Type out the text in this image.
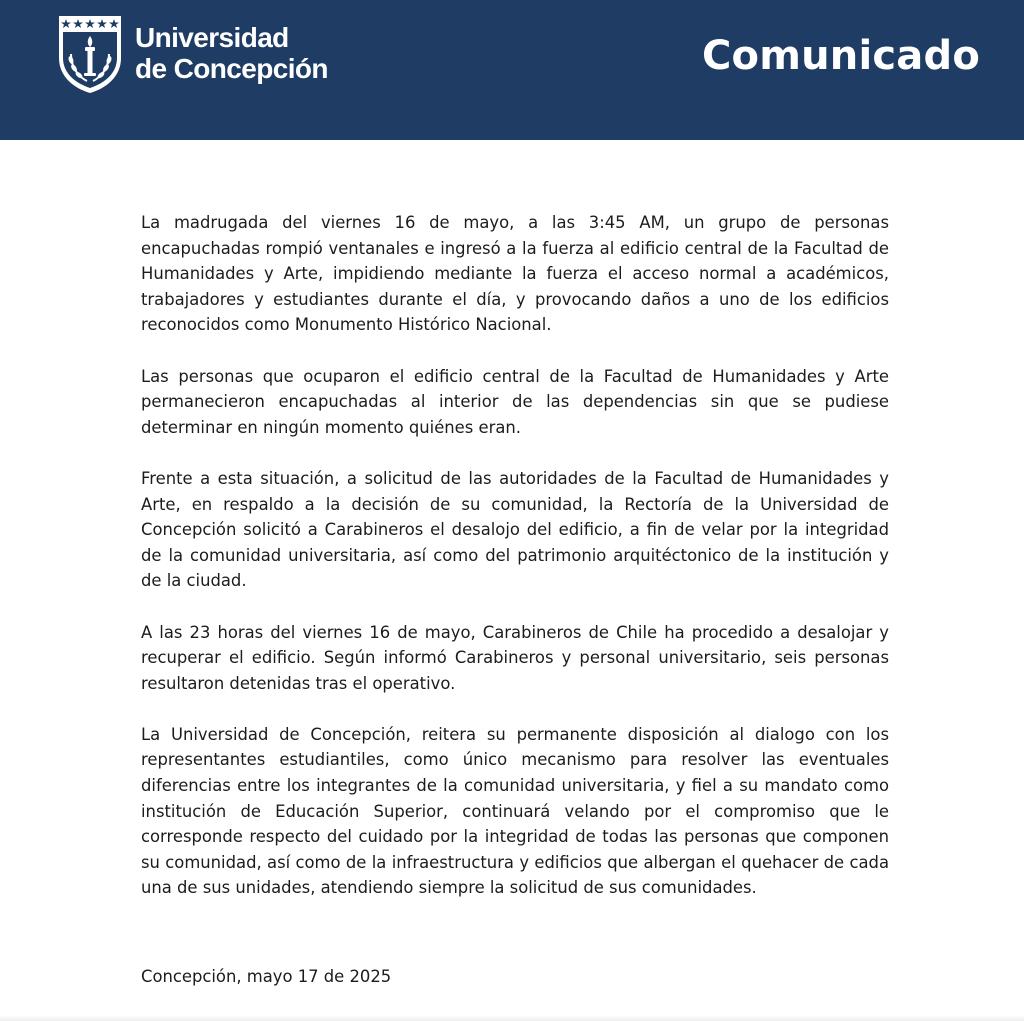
Universidad
de Concepción	Comunicado

La madrugada del viernes 16 de mayo, a las 3:45 AM, un grupo de personas encapuchadas rompió ventanales e ingresó a la fuerza al edificio central de la Facultad de Humanidades y Arte, impidiendo mediante la fuerza el acceso normal a académicos, trabajadores y estudiantes durante el día, y provocando daños a uno de los edificios reconocidos como Monumento Histórico Nacional.

Las personas que ocuparon el edificio central de la Facultad de Humanidades y Arte permanecieron encapuchadas al interior de las dependencias sin que se pudiese determinar en ningún momento quiénes eran.

Frente a esta situación, a solicitud de las autoridades de la Facultad de Humanidades y Arte, en respaldo a la decisión de su comunidad, la Rectoría de la Universidad de Concepción solicitó a Carabineros el desalojo del edificio, a fin de velar por la integridad de la comunidad universitaria, así como del patrimonio arquitéctonico de la institución y de la ciudad.

A las 23 horas del viernes 16 de mayo, Carabineros de Chile ha procedido a desalojar y recuperar el edificio. Según informó Carabineros y personal universitario, seis personas resultaron detenidas tras el operativo.

La Universidad de Concepción, reitera su permanente disposición al dialogo con los representantes estudiantiles, como único mecanismo para resolver las eventuales diferencias entre los integrantes de la comunidad universitaria, y fiel a su mandato como institución de Educación Superior, continuará velando por el compromiso que le corresponde respecto del cuidado por la integridad de todas las personas que componen su comunidad, así como de la infraestructura y edificios que albergan el quehacer de cada una de sus unidades, atendiendo siempre la solicitud de sus comunidades.

Concepción, mayo 17 de 2025
